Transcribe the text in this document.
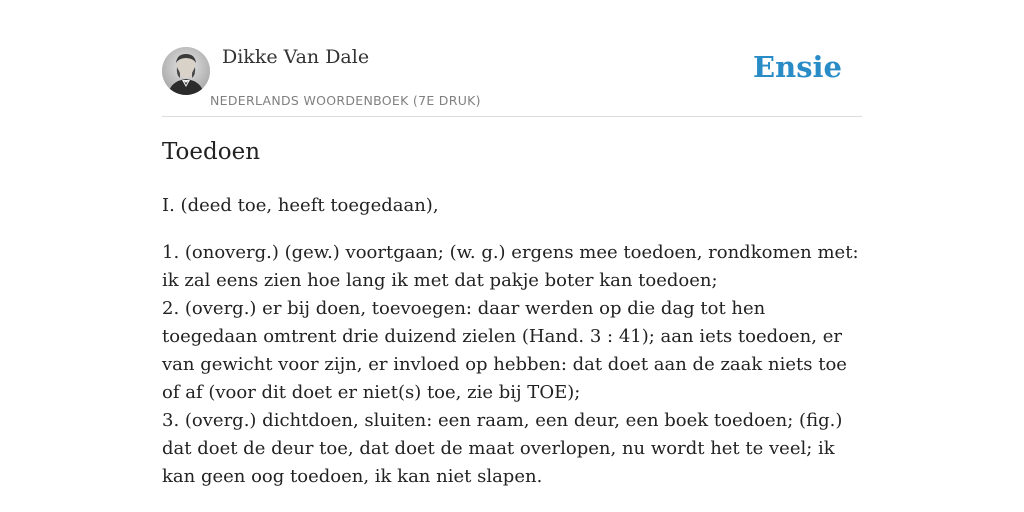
Dikke Van Dale
NEDERLANDS WOORDENBOEK (7E DRUK)
Ensie
Toedoen

I. (deed toe, heeft toegedaan),

1. (onoverg.) (gew.) voortgaan; (w. g.) ergens mee toedoen, rondkomen met: ik zal eens zien hoe lang ik met dat pakje boter kan toedoen;

2. (overg.) er bij doen, toevoegen: daar werden op die dag tot hen toegedaan omtrent drie duizend zielen (Hand. 3 : 41); aan iets toedoen, er van gewicht voor zijn, er invloed op hebben: dat doet aan de zaak niets toe of af (voor dit doet er niet(s) toe, zie bij TOE);

3. (overg.) dichtdoen, sluiten: een raam, een deur, een boek toedoen; (fig.) dat doet de deur toe, dat doet de maat overlopen, nu wordt het te veel; ik kan geen oog toedoen, ik kan niet slapen.
